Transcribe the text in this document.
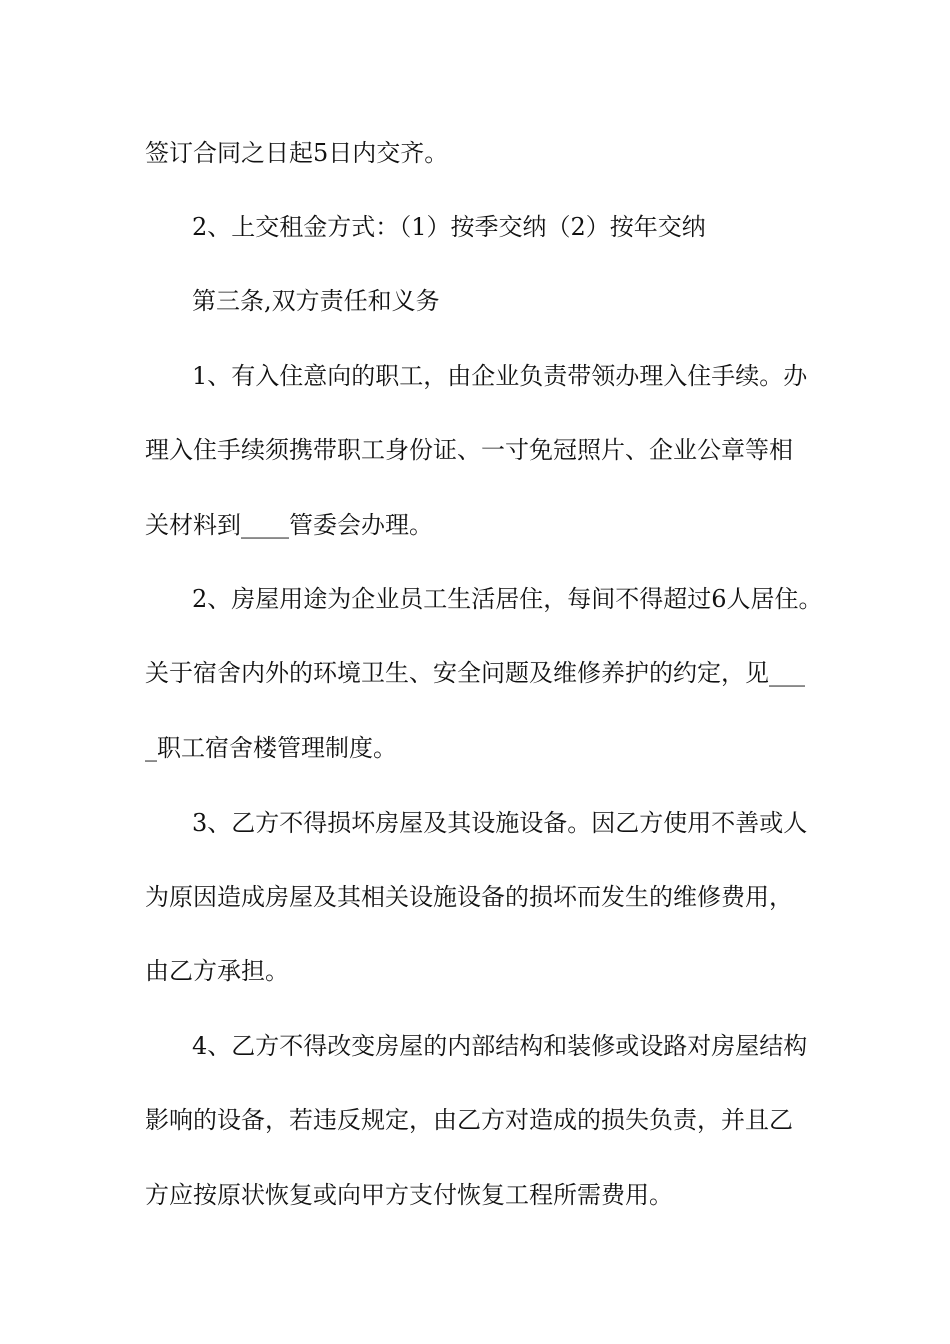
签订合同之日起5日内交齐。
2、上交租金方式：（1）按季交纳（2）按年交纳
第三条,双方责任和义务
1、有入住意向的职工，由企业负责带领办理入住手续。办
理入住手续须携带职工身份证、一寸免冠照片、企业公章等相
关材料到____管委会办理。
2、房屋用途为企业员工生活居住，每间不得超过6人居住。
关于宿舍内外的环境卫生、安全问题及维修养护的约定，见___
_职工宿舍楼管理制度。
3、乙方不得损坏房屋及其设施设备。因乙方使用不善或人
为原因造成房屋及其相关设施设备的损坏而发生的维修费用，
由乙方承担。
4、乙方不得改变房屋的内部结构和装修或设路对房屋结构
影响的设备，若违反规定，由乙方对造成的损失负责，并且乙
方应按原状恢复或向甲方支付恢复工程所需费用。
